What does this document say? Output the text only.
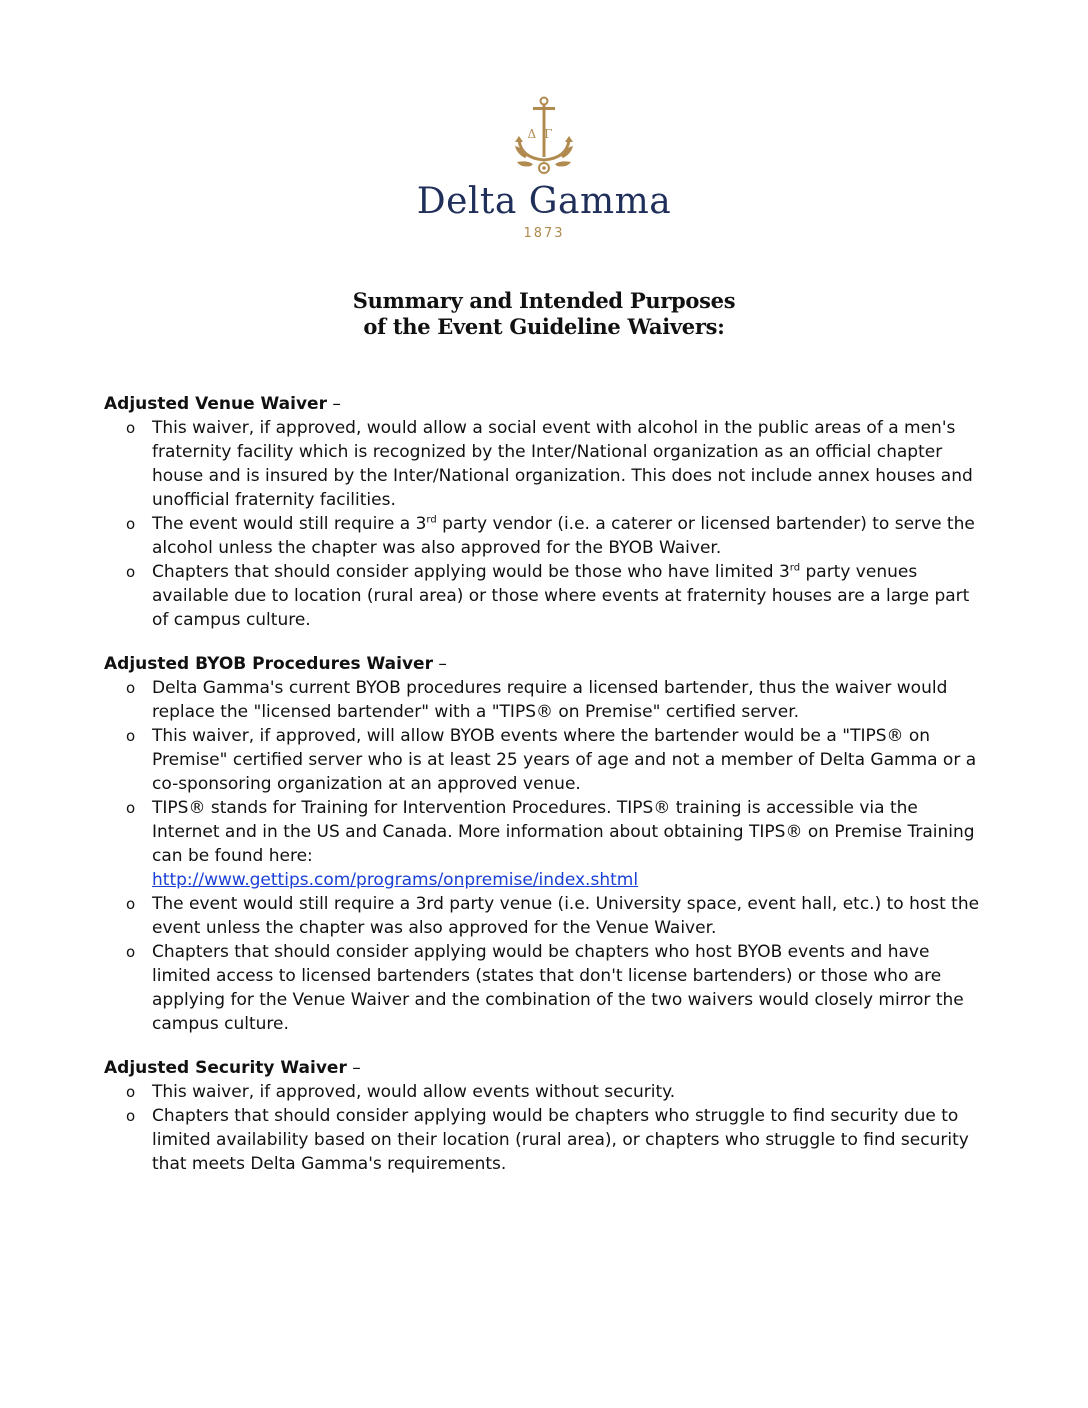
ΔΓ
Delta Gamma
1873
Summary and Intended Purposes
of the Event Guideline Waivers:

Adjusted Venue Waiver –

o This waiver, if approved, would allow a social event with alcohol in the public areas of a men's fraternity facility which is recognized by the Inter/National organization as an official chapter house and is insured by the Inter/National organization. This does not include annex houses and unofficial fraternity facilities.
o The event would still require a 3rd party vendor (i.e. a caterer or licensed bartender) to serve the alcohol unless the chapter was also approved for the BYOB Waiver.
o Chapters that should consider applying would be those who have limited 3rd party venues available due to location (rural area) or those where events at fraternity houses are a large part of campus culture.

Adjusted BYOB Procedures Waiver –

o Delta Gamma's current BYOB procedures require a licensed bartender, thus the waiver would replace the "licensed bartender" with a "TIPS® on Premise" certified server.
o This waiver, if approved, will allow BYOB events where the bartender would be a "TIPS® on Premise" certified server who is at least 25 years of age and not a member of Delta Gamma or a co-sponsoring organization at an approved venue.
o TIPS® stands for Training for Intervention Procedures. TIPS® training is accessible via the Internet and in the US and Canada. More information about obtaining TIPS® on Premise Training can be found here:
http://www.gettips.com/programs/onpremise/index.shtml
o The event would still require a 3rd party venue (i.e. University space, event hall, etc.) to host the event unless the chapter was also approved for the Venue Waiver.
o Chapters that should consider applying would be chapters who host BYOB events and have limited access to licensed bartenders (states that don't license bartenders) or those who are applying for the Venue Waiver and the combination of the two waivers would closely mirror the campus culture.

Adjusted Security Waiver –

o This waiver, if approved, would allow events without security.
o Chapters that should consider applying would be chapters who struggle to find security due to limited availability based on their location (rural area), or chapters who struggle to find security that meets Delta Gamma's requirements.
